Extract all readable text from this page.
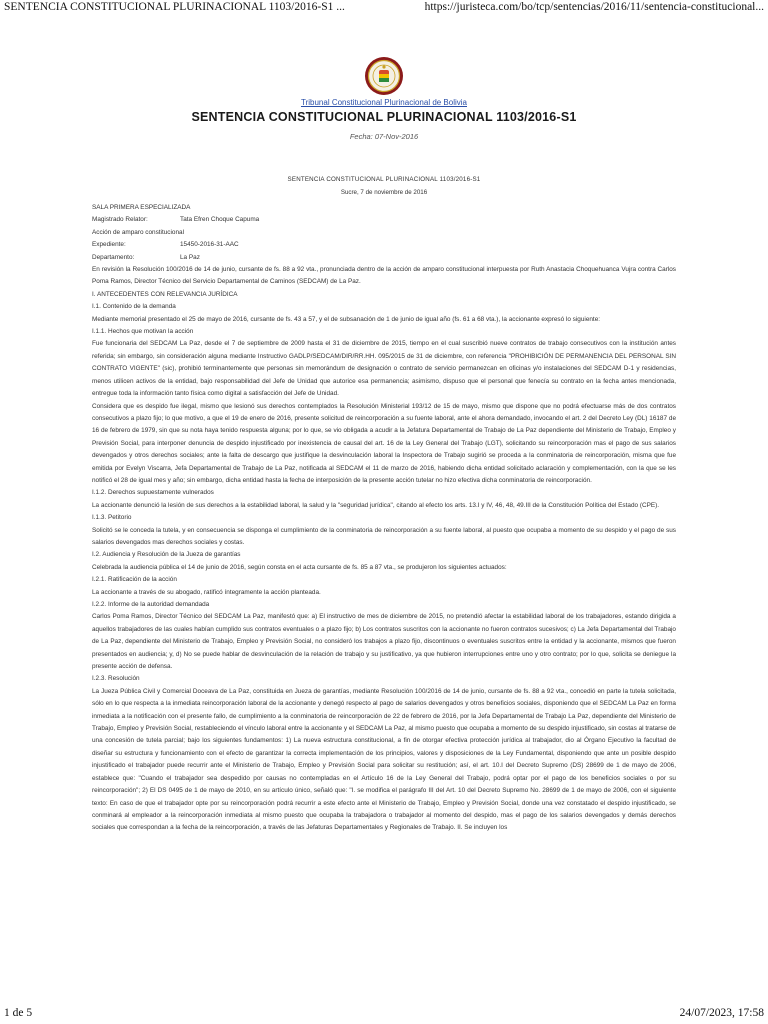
SENTENCIA CONSTITUCIONAL PLURINACIONAL 1103/2016-S1 ...	https://juristeca.com/bo/tcp/sentencias/2016/11/sentencia-constitucional...
Tribunal Constitucional Plurinacional de Bolivia
SENTENCIA CONSTITUCIONAL PLURINACIONAL 1103/2016-S1
Fecha: 07-Nov-2016
SENTENCIA CONSTITUCIONAL PLURINACIONAL 1103/2016-S1
Sucre, 7 de noviembre de 2016

SALA PRIMERA ESPECIALIZADA

Magistrado Relator:	Tata Efren Choque Capuma

Acción de amparo constitucional

Expediente:	15450-2016-31-AAC
Departamento:	La Paz

En revisión la Resolución 100/2016 de 14 de junio, cursante de fs. 88 a 92 vta., pronunciada dentro de la acción de amparo constitucional interpuesta por Ruth Anastacia Choquehuanca Vujra contra Carlos Poma Ramos, Director Técnico del Servicio Departamental de Caminos (SEDCAM) de La Paz.

I. ANTECEDENTES CON RELEVANCIA JURÍDICA

I.1. Contenido de la demanda

Mediante memorial presentado el 25 de mayo de 2016, cursante de fs. 43 a 57, y el de subsanación de 1 de junio de igual año (fs. 61 a 68 vta.), la accionante expresó lo siguiente:

I.1.1. Hechos que motivan la acción

Fue funcionaria del SEDCAM La Paz, desde el 7 de septiembre de 2009 hasta el 31 de diciembre de 2015, tiempo en el cual suscribió nueve contratos de trabajo consecutivos con la institución antes referida; sin embargo, sin consideración alguna mediante Instructivo GADLP/SEDCAM/DIR/RR.HH. 095/2015 de 31 de diciembre, con referencia "PROHIBICIÓN DE PERMANENCIA DEL PERSONAL SIN CONTRATO VIGENTE" (sic), prohibió terminantemente que personas sin memorándum de designación o contrato de servicio permanezcan en oficinas y/o instalaciones del SEDCAM D-1 y residencias, menos utilicen activos de la entidad, bajo responsabilidad del Jefe de Unidad que autorice esa permanencia; asimismo, dispuso que el personal que fenecía su contrato en la fecha antes mencionada, entregue toda la información tanto física como digital a satisfacción del Jefe de Unidad.

Considera que es despido fue ilegal, mismo que lesionó sus derechos contemplados la Resolución Ministerial 193/12 de 15 de mayo, mismo que dispone que no podrá efectuarse más de dos contratos consecutivos a plazo fijo; lo que motivo, a que el 19 de enero de 2016, presente solicitud de reincorporación a su fuente laboral, ante el ahora demandado, invocando el art. 2 del Decreto Ley (DL) 16187 de 16 de febrero de 1979, sin que su nota haya tenido respuesta alguna; por lo que, se vio obligada a acudir a la Jefatura Departamental de Trabajo de La Paz dependiente del Ministerio de Trabajo, Empleo y Previsión Social, para interponer denuncia de despido injustificado por inexistencia de causal del art. 16 de la Ley General del Trabajo (LGT), solicitando su reincorporación mas el pago de sus salarios devengados y otros derechos sociales; ante la falta de descargo que justifique la desvinculación laboral la Inspectora de Trabajo sugirió se proceda a la conminatoria de reincorporación, misma que fue emitida por Evelyn Viscarra, Jefa Departamental de Trabajo de La Paz, notificada al SEDCAM el 11 de marzo de 2016, habiendo dicha entidad solicitado aclaración y complementación, con la que se les notificó el 28 de igual mes y año; sin embargo, dicha entidad hasta la fecha de interposición de la presente acción tutelar no hizo efectiva dicha conminatoria de reincorporación.

I.1.2. Derechos supuestamente vulnerados

La accionante denunció la lesión de sus derechos a la estabilidad laboral, la salud y la "seguridad jurídica", citando al efecto los arts. 13.I y IV, 46, 48, 49.III de la Constitución Política del Estado (CPE).

I.1.3. Petitorio

Solicitó se le conceda la tutela, y en consecuencia se disponga el cumplimiento de la conminatoria de reincorporación a su fuente laboral, al puesto que ocupaba a momento de su despido y el pago de sus salarios devengados mas derechos sociales y costas.

I.2. Audiencia y Resolución de la Jueza de garantías

Celebrada la audiencia pública el 14 de junio de 2016, según consta en el acta cursante de fs. 85 a 87 vta., se produjeron los siguientes actuados:

I.2.1. Ratificación de la acción

La accionante a través de su abogado, ratificó íntegramente la acción planteada.

I.2.2. Informe de la autoridad demandada

Carlos Poma Ramos, Director Técnico del SEDCAM La Paz, manifestó que: a) El instructivo de mes de diciembre de 2015, no pretendió afectar la estabilidad laboral de los trabajadores, estando dirigida a aquellos trabajadores de las cuales habían cumplido sus contratos eventuales o a plazo fijo; b) Los contratos suscritos con la accionante no fueron contratos sucesivos; c) La Jefa Departamental del Trabajo de La Paz, dependiente del Ministerio de Trabajo, Empleo y Previsión Social, no consideró los trabajos a plazo fijo, discontinuos o eventuales suscritos entre la entidad y la accionante, mismos que fueron presentados en audiencia; y, d) No se puede hablar de desvinculación de la relación de trabajo y su justificativo, ya que hubieron interrupciones entre uno y otro contrato; por lo que, solicita se deniegue la presente acción de defensa.

I.2.3. Resolución

La Jueza Pública Civil y Comercial Doceava de La Paz, constituida en Jueza de garantías, mediante Resolución 100/2016 de 14 de junio, cursante de fs. 88 a 92 vta., concedió en parte la tutela solicitada, sólo en lo que respecta a la inmediata reincorporación laboral de la accionante y denegó respecto al pago de salarios devengados y otros beneficios sociales, disponiendo que el SEDCAM La Paz en forma inmediata a la notificación con el presente fallo, de cumplimiento a la conminatoria de reincorporación de 22 de febrero de 2016, por la Jefa Departamental de Trabajo La Paz, dependiente del Ministerio de Trabajo, Empleo y Previsión Social, restableciendo el vínculo laboral entre la accionante y el SEDCAM La Paz, al mismo puesto que ocupaba a momento de su despido injustificado, sin costas al tratarse de una concesión de tutela parcial; bajo los siguientes fundamentos: 1) La nueva estructura constitucional, a fin de otorgar efectiva protección jurídica al trabajador, dio al Órgano Ejecutivo la facultad de diseñar su estructura y funcionamiento con el efecto de garantizar la correcta implementación de los principios, valores y disposiciones de la Ley Fundamental, disponiendo que ante un posible despido injustificado el trabajador puede recurrir ante el Ministerio de Trabajo, Empleo y Previsión Social para solicitar su restitución; así, el art. 10.I del Decreto Supremo (DS) 28699 de 1 de mayo de 2006, establece que: "Cuando el trabajador sea despedido por causas no contempladas en el Artículo 16 de la Ley General del Trabajo, podrá optar por el pago de los beneficios sociales o por su reincorporación"; 2) El DS 0495 de 1 de mayo de 2010, en su artículo único, señaló que: "I. se modifica el parágrafo III del Art. 10 del Decreto Supremo No. 28699 de 1 de mayo de 2006, con el siguiente texto: En caso de que el trabajador opte por su reincorporación podrá recurrir a este efecto ante el Ministerio de Trabajo, Empleo y Previsión Social, donde una vez constatado el despido injustificado, se conminará al empleador a la reincorporación inmediata al mismo puesto que ocupaba la trabajadora o trabajador al momento del despido, mas el pago de los salarios devengados y demás derechos sociales que correspondan a la fecha de la reincorporación, a través de las Jefaturas Departamentales y Regionales de Trabajo. II. Se incluyen los

1 de 5	24/07/2023, 17:58
